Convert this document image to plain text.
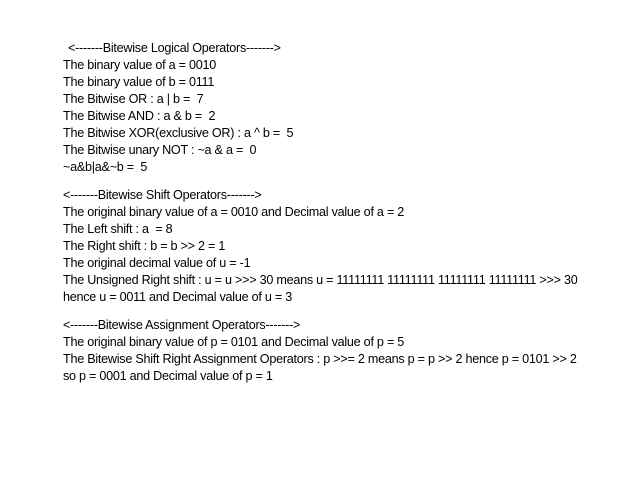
<-------Bitewise Logical Operators------->

The binary value of a = 0010

The binary value of b = 0111

The Bitwise OR : a | b =  7

The Bitwise AND : a & b =  2

The Bitwise XOR(exclusive OR) : a ^ b =  5

The Bitwise unary NOT : ~a & a =  0

~a&b|a&~b =  5

<-------Bitewise Shift Operators------->

The original binary value of a = 0010 and Decimal value of a = 2

The Left shift : a  = 8

The Right shift : b = b >> 2 = 1

The original decimal value of u = -1

The Unsigned Right shift : u = u >>> 30 means u = 11111111 11111111 11111111 11111111 >>> 30 hence u = 0011 and Decimal value of u = 3

<-------Bitewise Assignment Operators------->

The original binary value of p = 0101 and Decimal value of p = 5

The Bitewise Shift Right Assignment Operators : p >>= 2 means p = p >> 2 hence p = 0101 >> 2 so p = 0001 and Decimal value of p = 1
